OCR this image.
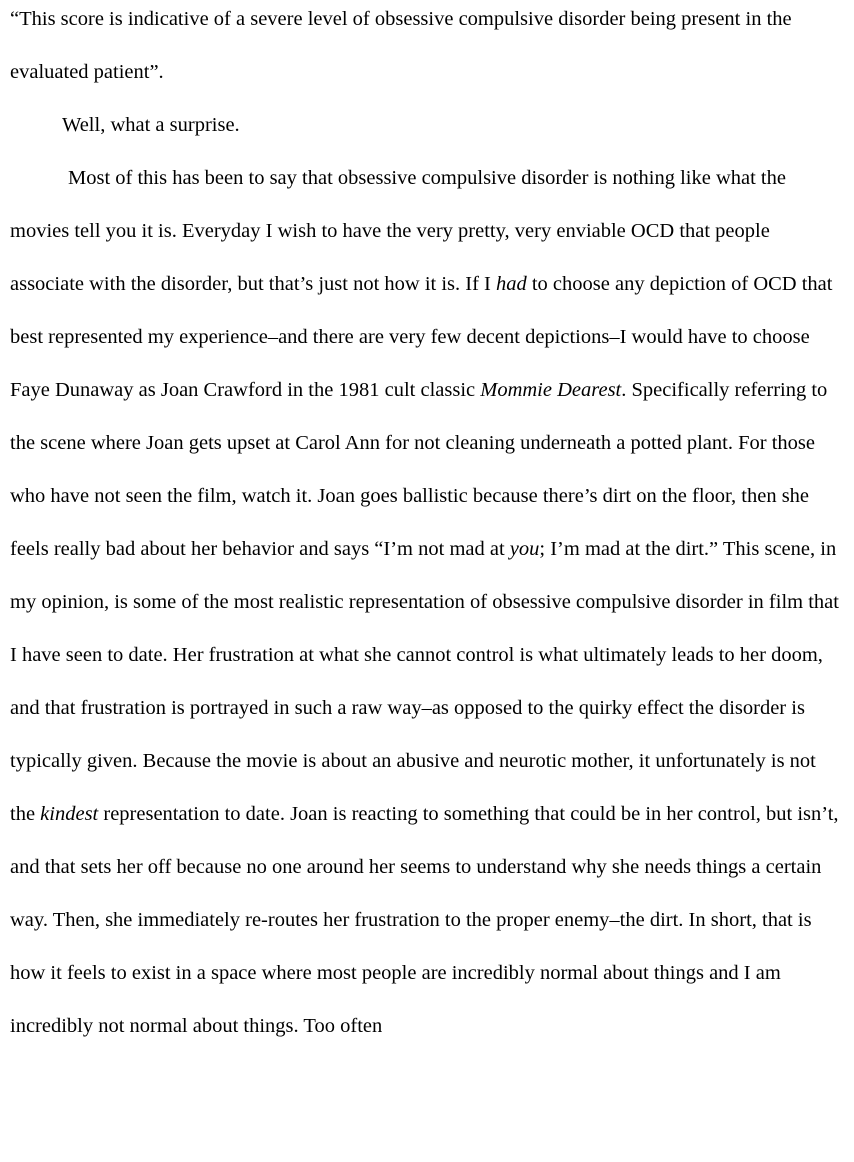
“This score is indicative of a severe level of obsessive compulsive disorder being present in the evaluated patient”.

Well, what a surprise.

Most of this has been to say that obsessive compulsive disorder is nothing like what the movies tell you it is. Everyday I wish to have the very pretty, very enviable OCD that people associate with the disorder, but that’s just not how it is. If I had to choose any depiction of OCD that best represented my experience–and there are very few decent depictions–I would have to choose Faye Dunaway as Joan Crawford in the 1981 cult classic Mommie Dearest. Specifically referring to the scene where Joan gets upset at Carol Ann for not cleaning underneath a potted plant. For those who have not seen the film, watch it. Joan goes ballistic because there’s dirt on the floor, then she feels really bad about her behavior and says “I’m not mad at you; I’m mad at the dirt.” This scene, in my opinion, is some of the most realistic representation of obsessive compulsive disorder in film that I have seen to date. Her frustration at what she cannot control is what ultimately leads to her doom, and that frustration is portrayed in such a raw way–as opposed to the quirky effect the disorder is typically given. Because the movie is about an abusive and neurotic mother, it unfortunately is not the kindest representation to date. Joan is reacting to something that could be in her control, but isn’t, and that sets her off because no one around her seems to understand why she needs things a certain way. Then, she immediately re-routes her frustration to the proper enemy–the dirt. In short, that is how it feels to exist in a space where most people are incredibly normal about things and I am incredibly not normal about things. Too often
